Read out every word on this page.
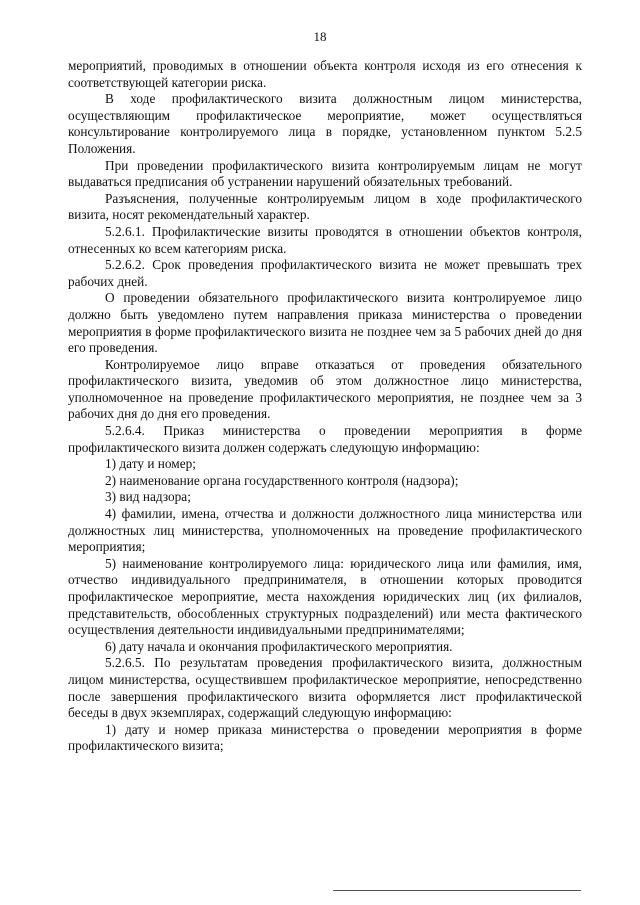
18

мероприятий, проводимых в отношении объекта контроля исходя из его отнесения к соответствующей категории риска.

В ходе профилактического визита должностным лицом министерства, осуществляющим профилактическое мероприятие, может осуществляться консультирование контролируемого лица в порядке, установленном пунктом 5.2.5 Положения.

При проведении профилактического визита контролируемым лицам не могут выдаваться предписания об устранении нарушений обязательных требований.

Разъяснения, полученные контролируемым лицом в ходе профилактического визита, носят рекомендательный характер.

5.2.6.1. Профилактические визиты проводятся в отношении объектов контроля, отнесенных ко всем категориям риска.

5.2.6.2. Срок проведения профилактического визита не может превышать трех рабочих дней.

О проведении обязательного профилактического визита контролируемое лицо должно быть уведомлено путем направления приказа министерства о проведении мероприятия в форме профилактического визита не позднее чем за 5 рабочих дней до дня его проведения.

Контролируемое лицо вправе отказаться от проведения обязательного профилактического визита, уведомив об этом должностное лицо министерства, уполномоченное на проведение профилактического мероприятия, не позднее чем за 3 рабочих дня до дня его проведения.

5.2.6.4. Приказ министерства о проведении мероприятия в форме профилактического визита должен содержать следующую информацию:

1) дату и номер;

2) наименование органа государственного контроля (надзора);

3) вид надзора;

4) фамилии, имена, отчества и должности должностного лица министерства или должностных лиц министерства, уполномоченных на проведение профилактического мероприятия;

5) наименование контролируемого лица: юридического лица или фамилия, имя, отчество индивидуального предпринимателя, в отношении которых проводится профилактическое мероприятие, места нахождения юридических лиц (их филиалов, представительств, обособленных структурных подразделений) или места фактического осуществления деятельности индивидуальными предпринимателями;

6) дату начала и окончания профилактического мероприятия.

5.2.6.5. По результатам проведения профилактического визита, должностным лицом министерства, осуществившем профилактическое мероприятие, непосредственно после завершения профилактического визита оформляется лист профилактической беседы в двух экземплярах, содержащий следующую информацию:

1) дату и номер приказа министерства о проведении мероприятия в форме профилактического визита;
